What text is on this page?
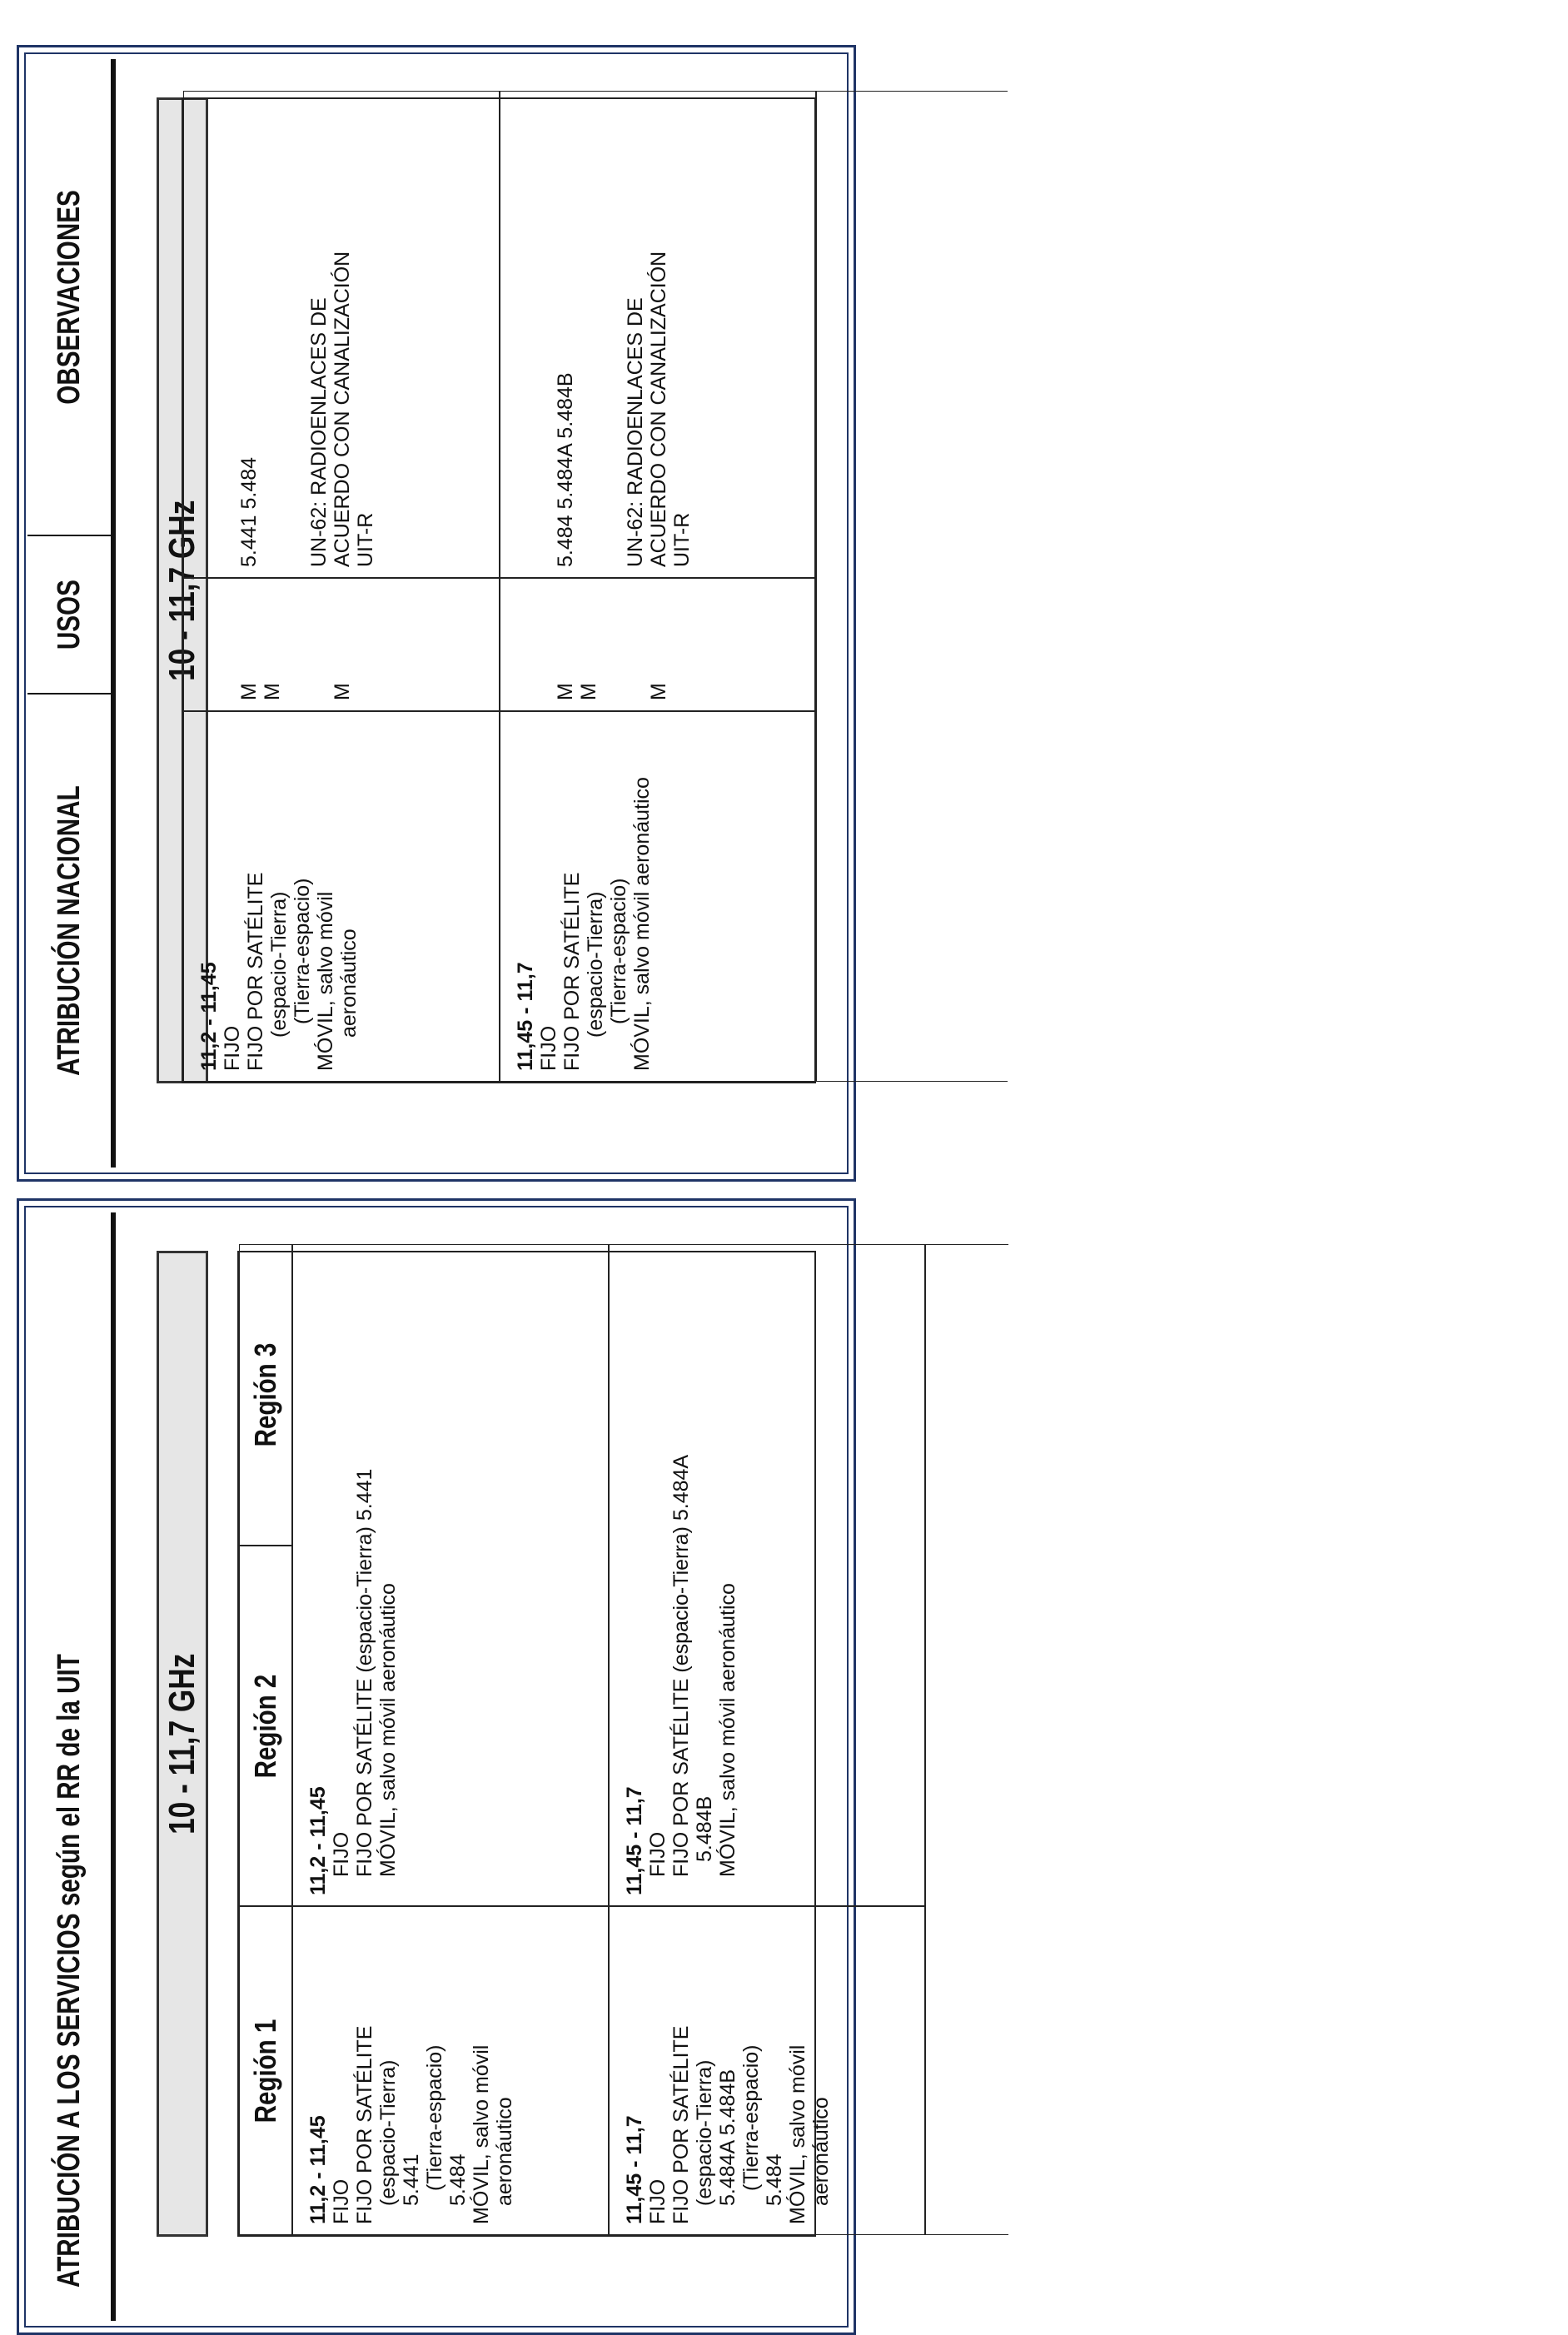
ATRIBUCIÓN A LOS SERVICIOS según el RR de la UIT 10 - 11,7 GHz
Región 1
Región 2
Región 3
11,2 - 11,45 FIJO FIJO POR SATÉLITE (espacio-Tierra) 5.441 (Tierra-espacio) 5.484 MÓVIL, salvo móvil aeronáutico
11,2 - 11,45 FIJO FIJO POR SATÉLITE (espacio-Tierra) 5.441 MÓVIL, salvo móvil aeronáutico
11,45 - 11,7 FIJO FIJO POR SATÉLITE (espacio-Tierra) 5.484A 5.484B (Tierra-espacio) 5.484 MÓVIL, salvo móvil aeronáutico
11,45 - 11,7 FIJO FIJO POR SATÉLITE (espacio-Tierra) 5.484A 5.484B MÓVIL, salvo móvil aeronáutico
ATRIBUCIÓN NACIONAL
USOS
OBSERVACIONES
10 - 11,7 GHz
11,2 - 11,45 FIJO FIJO POR SATÉLITE (espacio-Tierra) (Tierra-espacio) MÓVIL, salvo móvil aeronáutico
M M M
5.441 5.484 UN-62: RADIOENLACES DE ACUERDO CON CANALIZACIÓN UIT-R
11,45 - 11,7 FIJO FIJO POR SATÉLITE (espacio-Tierra) (Tierra-espacio) MÓVIL, salvo móvil aeronáutico
M M M
5.484 5.484A 5.484B UN-62: RADIOENLACES DE ACUERDO CON CANALIZACIÓN UIT-R
